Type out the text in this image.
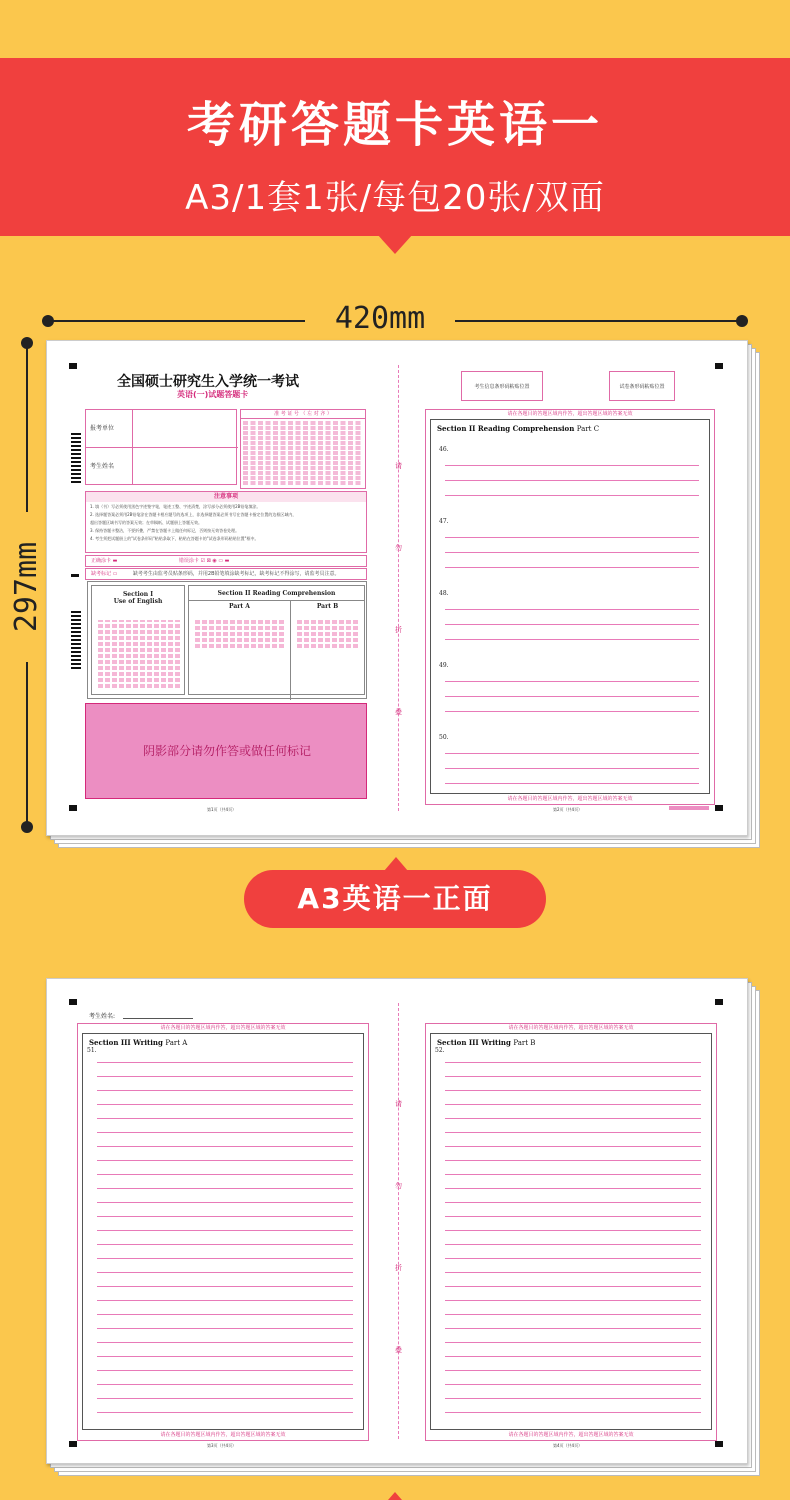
考研答题卡英语一
A3/1套1张/每包20张/双面
420mm
297mm
全国硕士研究生入学统一考试
英语(一)试题答题卡
报考单位
考生姓名
准 考 证 号 （ 左 对 齐 ）
注意事项
1. 填（书）写必须使用黑色字迹签字笔，笔迹工整、字迹清楚，涂写部分必须使用2B铅笔填涂。
2. 选择题答案必须用2B铅笔涂在答题卡相应题号的选项上，非选择题答案必须书写在答题卡指定位置的边框区域内，
超出答题区域书写的答案无效；在草稿纸、试题册上答题无效。
3. 保持答题卡整洁，不要折叠，严禁在答题卡上做任何标记，否则按无效答卷处理。
4. 考生须把试题册上的"试卷条形码"粘贴条取下，粘贴在答题卡的"试卷条形码粘贴位置"框中。
正确涂卡 ▬	错误涂卡 ☑ ⊠ ◉ ▭ ▬
缺考标记 ▭	缺考考生由监考员贴条形码，并用2B铅笔填涂缺考标记，缺考标记不得涂写，请监考员注意。
Section I
Use of English
Section II Reading Comprehension
Part A	Part B
阴影部分请勿作答或做任何标记
第1页（共4页）
请
勿
折
叠
考生信息条形码粘贴位置	试卷条形码粘贴位置
请在各题目的答题区域内作答，超出答题区域的答案无效
Section II Reading Comprehension Part C
46.
47.
48.
49.
50.
请在各题目的答题区域内作答，超出答题区域的答案无效
第2页（共4页）
A3英语一正面
考生姓名:
请在各题目的答题区域内作答，超出答题区域的答案无效
Section III Writing Part A
51.
请在各题目的答题区域内作答，超出答题区域的答案无效
请
勿
折
叠
请在各题目的答题区域内作答，超出答题区域的答案无效
Section III Writing Part B
52.
请在各题目的答题区域内作答，超出答题区域的答案无效
第3页（共4页）	第4页（共4页）
